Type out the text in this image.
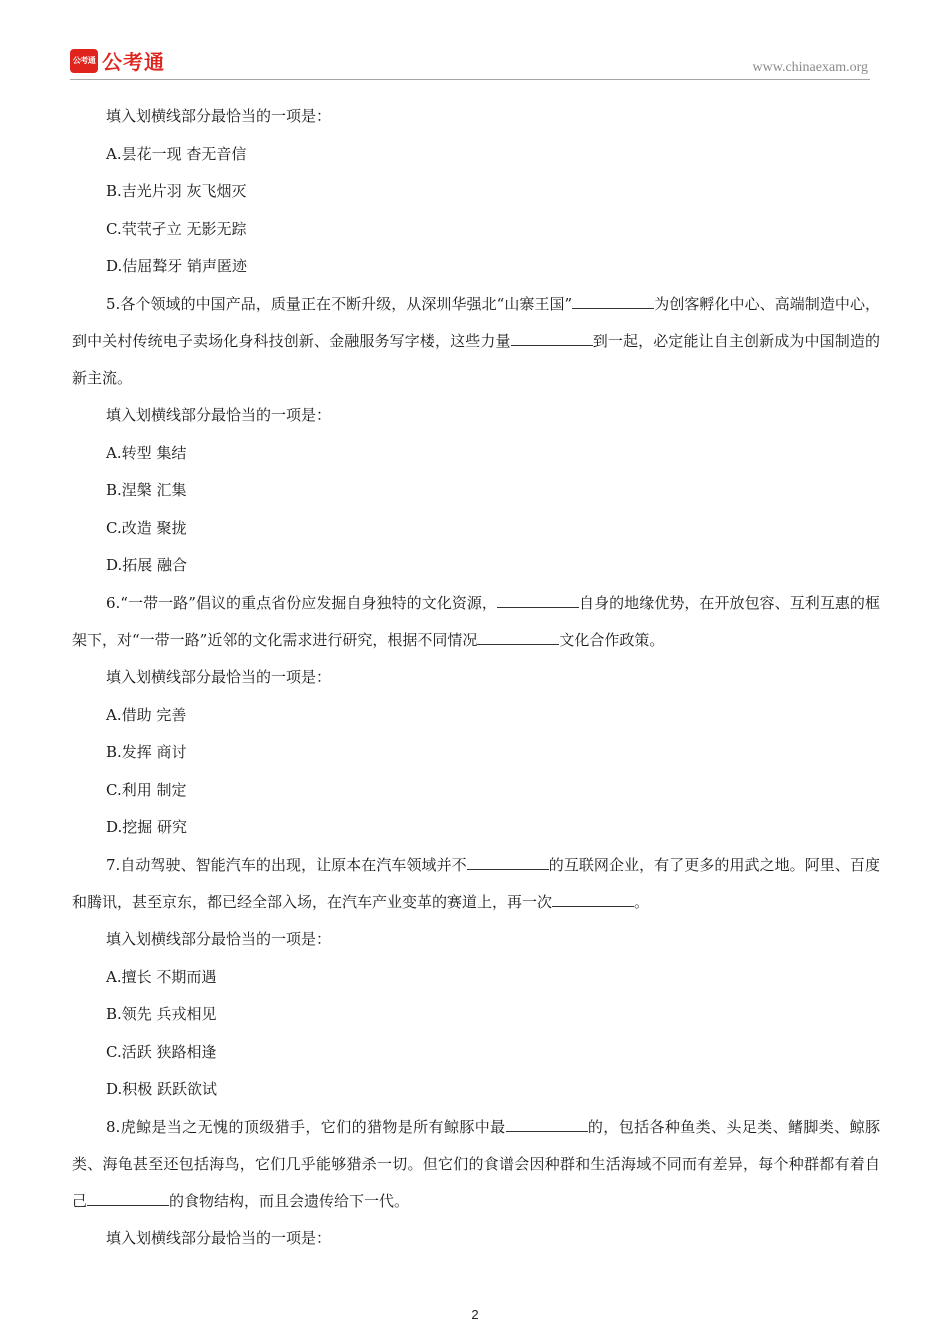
公考通 公考通	www.chinaexam.org

填入划横线部分最恰当的一项是：

A.昙花一现 杳无音信

B.吉光片羽 灰飞烟灭

C.茕茕孑立 无影无踪

D.佶屈聱牙 销声匿迹

5.各个领域的中国产品，质量正在不断升级，从深圳华强北“山寨王国”	为创客孵化中心、高端制造中心，到中关村传统电子卖场化身科技创新、金融服务写字楼，这些力量	到一起，必定能让自主创新成为中国制造的新主流。

填入划横线部分最恰当的一项是：

A.转型 集结

B.涅槃 汇集

C.改造 聚拢

D.拓展 融合

6.“一带一路”倡议的重点省份应发掘自身独特的文化资源，	自身的地缘优势，在开放包容、互利互惠的框架下，对“一带一路”近邻的文化需求进行研究，根据不同情况	文化合作政策。

填入划横线部分最恰当的一项是：

A.借助 完善

B.发挥 商讨

C.利用 制定

D.挖掘 研究

7.自动驾驶、智能汽车的出现，让原本在汽车领域并不	的互联网企业，有了更多的用武之地。阿里、百度和腾讯，甚至京东，都已经全部入场，在汽车产业变革的赛道上，再一次	。

填入划横线部分最恰当的一项是：

A.擅长 不期而遇

B.领先 兵戎相见

C.活跃 狭路相逢

D.积极 跃跃欲试

8.虎鲸是当之无愧的顶级猎手，它们的猎物是所有鲸豚中最	的，包括各种鱼类、头足类、鳍脚类、鲸豚类、海龟甚至还包括海鸟，它们几乎能够猎杀一切。但它们的食谱会因种群和生活海域不同而有差异，每个种群都有着自己	的食物结构，而且会遗传给下一代。

填入划横线部分最恰当的一项是：

2
